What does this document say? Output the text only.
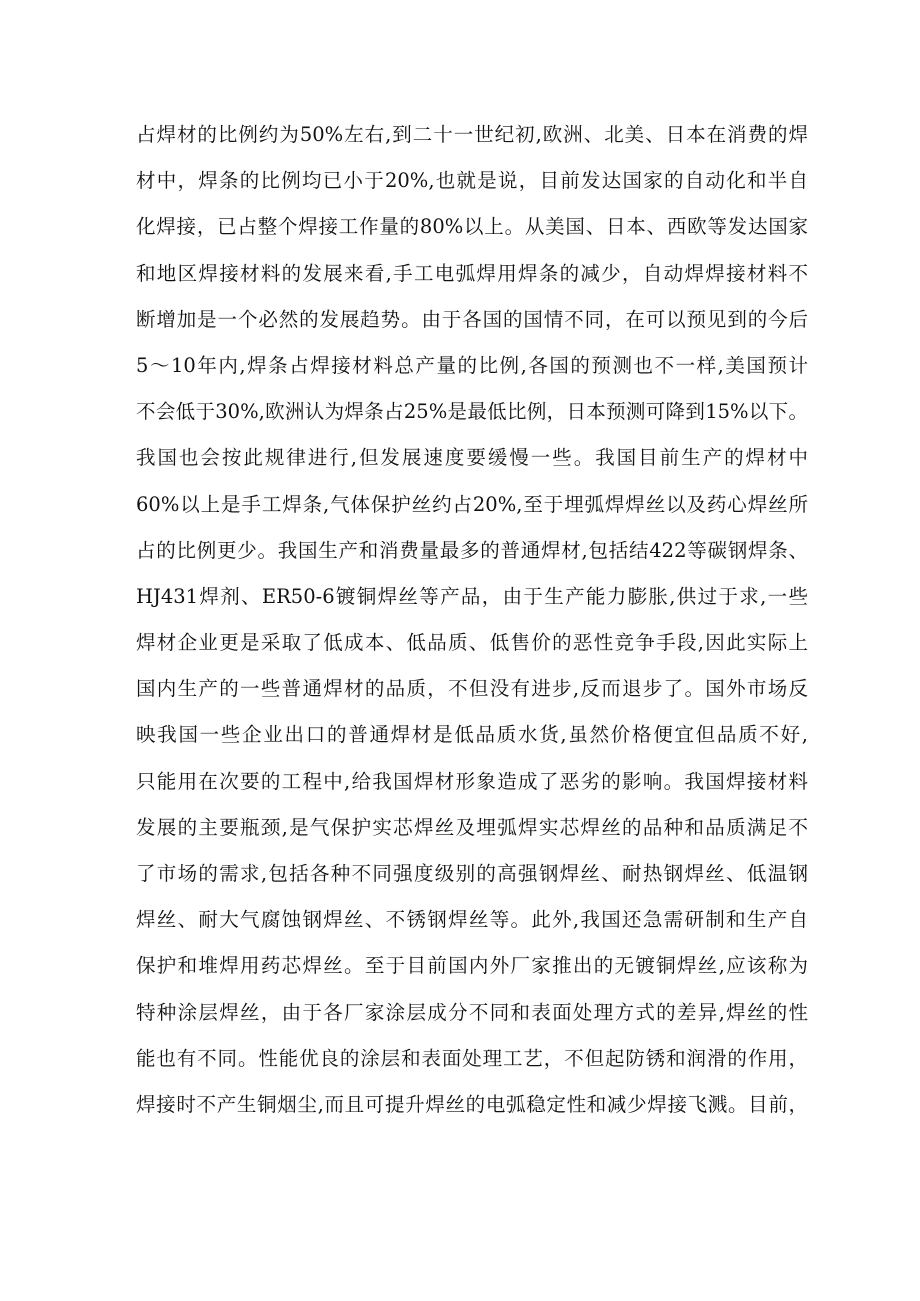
占焊材的比例约为50%左右,到二十一世纪初,欧洲、北美、日本在消费的焊
材中，焊条的比例均已小于20%,也就是说，目前发达国家的自动化和半自
化焊接，已占整个焊接工作量的80%以上。从美国、日本、西欧等发达国家
和地区焊接材料的发展来看,手工电弧焊用焊条的减少，自动焊焊接材料不
断增加是一个必然的发展趋势。由于各国的国情不同，在可以预见到的今后
5～10年内,焊条占焊接材料总产量的比例,各国的预测也不一样,美国预计
不会低于30%,欧洲认为焊条占25%是最低比例，日本预测可降到15%以下。
我国也会按此规律进行,但发展速度要缓慢一些。我国目前生产的焊材中
60%以上是手工焊条,气体保护丝约占20%,至于埋弧焊焊丝以及药心焊丝所
占的比例更少。我国生产和消费量最多的普通焊材,包括结422等碳钢焊条、
HJ431焊剂、ER50-6镀铜焊丝等产品，由于生产能力膨胀,供过于求,一些
焊材企业更是采取了低成本、低品质、低售价的恶性竞争手段,因此实际上
国内生产的一些普通焊材的品质，不但没有进步,反而退步了。国外市场反
映我国一些企业出口的普通焊材是低品质水货,虽然价格便宜但品质不好,
只能用在次要的工程中,给我国焊材形象造成了恶劣的影响。我国焊接材料
发展的主要瓶颈,是气保护实芯焊丝及埋弧焊实芯焊丝的品种和品质满足不
了市场的需求,包括各种不同强度级别的高强钢焊丝、耐热钢焊丝、低温钢
焊丝、耐大气腐蚀钢焊丝、不锈钢焊丝等。此外,我国还急需研制和生产自
保护和堆焊用药芯焊丝。至于目前国内外厂家推出的无镀铜焊丝,应该称为
特种涂层焊丝，由于各厂家涂层成分不同和表面处理方式的差异,焊丝的性
能也有不同。性能优良的涂层和表面处理工艺，不但起防锈和润滑的作用，
焊接时不产生铜烟尘,而且可提升焊丝的电弧稳定性和减少焊接飞溅。目前，
